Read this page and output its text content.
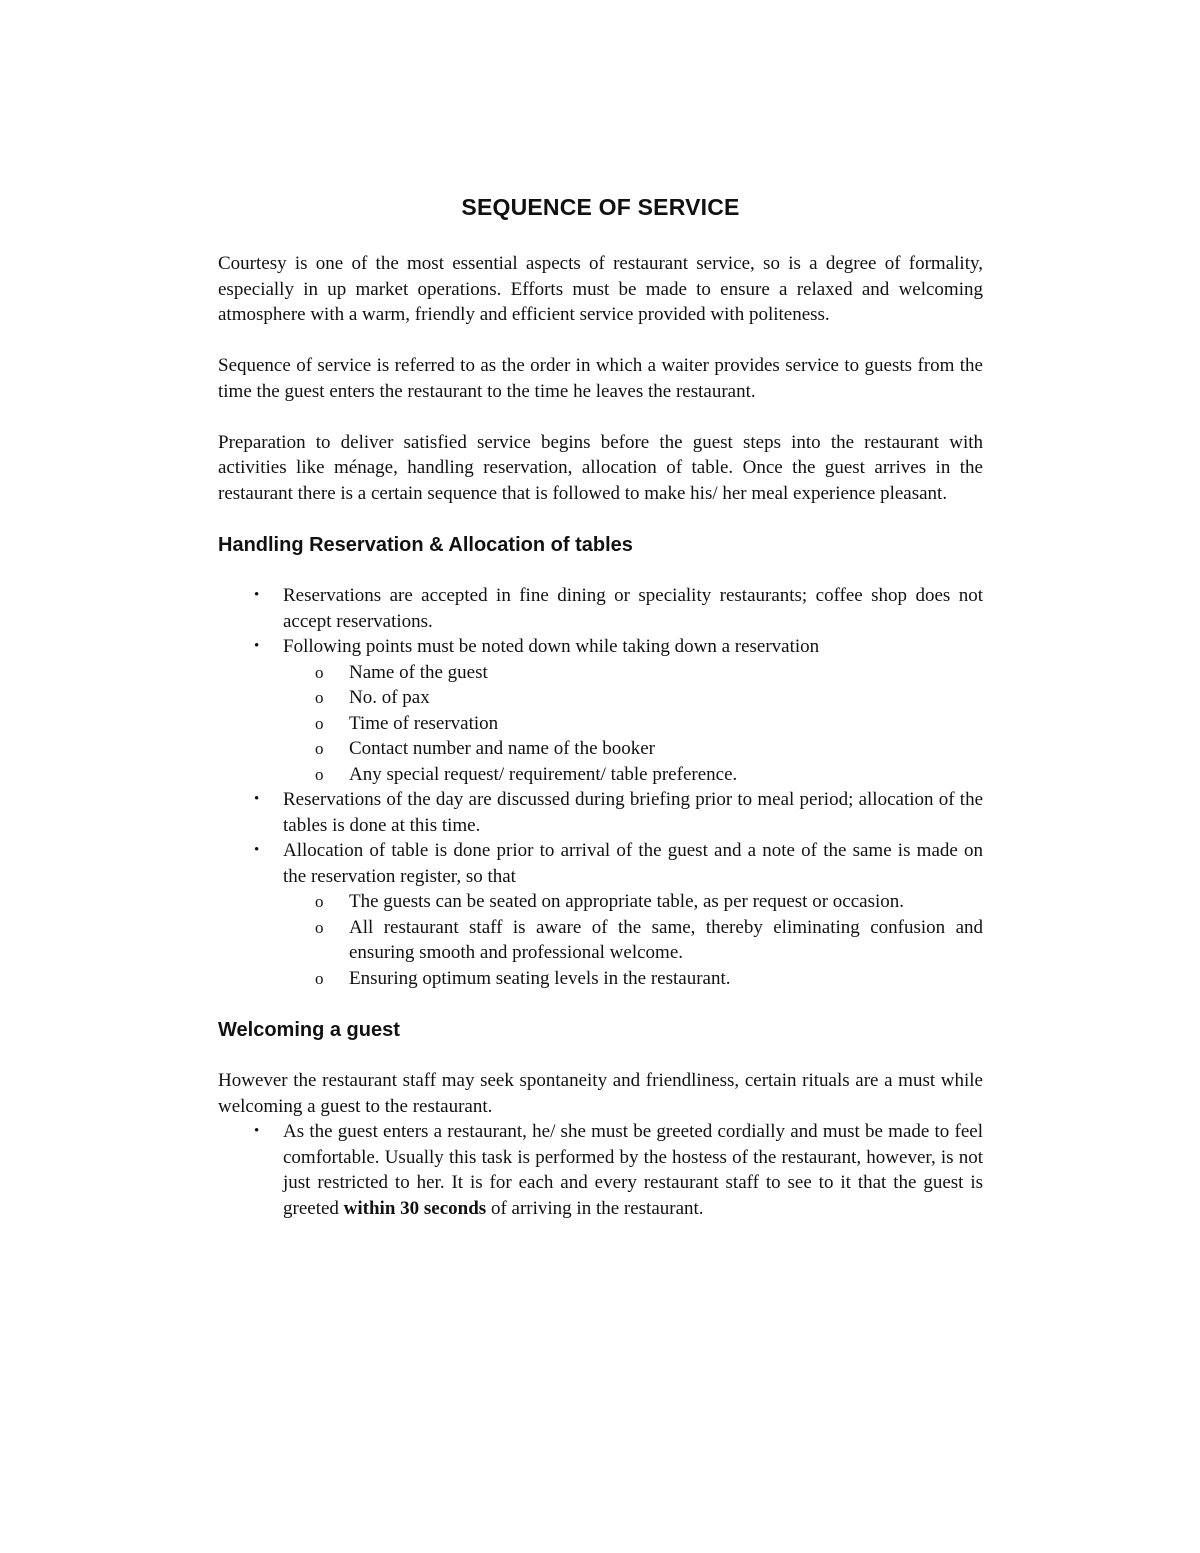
SEQUENCE OF SERVICE

Courtesy is one of the most essential aspects of restaurant service, so is a degree of formality, especially in up market operations. Efforts must be made to ensure a relaxed and welcoming atmosphere with a warm, friendly and efficient service provided with politeness.

Sequence of service is referred to as the order in which a waiter provides service to guests from the time the guest enters the restaurant to the time he leaves the restaurant.

Preparation to deliver satisfied service begins before the guest steps into the restaurant with activities like ménage, handling reservation, allocation of table. Once the guest arrives in the restaurant there is a certain sequence that is followed to make his/ her meal experience pleasant.

Handling Reservation & Allocation of tables
• Reservations are accepted in fine dining or speciality restaurants; coffee shop does not accept reservations.
• Following points must be noted down while taking down a reservation
o Name of the guest
o No. of pax
o Time of reservation
o Contact number and name of the booker
o Any special request/ requirement/ table preference.
• Reservations of the day are discussed during briefing prior to meal period; allocation of the tables is done at this time.
• Allocation of table is done prior to arrival of the guest and a note of the same is made on the reservation register, so that
o The guests can be seated on appropriate table, as per request or occasion.
o All restaurant staff is aware of the same, thereby eliminating confusion and ensuring smooth and professional welcome.
o Ensuring optimum seating levels in the restaurant.
Welcoming a guest

However the restaurant staff may seek spontaneity and friendliness, certain rituals are a must while welcoming a guest to the restaurant.

• As the guest enters a restaurant, he/ she must be greeted cordially and must be made to feel comfortable. Usually this task is performed by the hostess of the restaurant, however, is not just restricted to her. It is for each and every restaurant staff to see to it that the guest is greeted within 30 seconds of arriving in the restaurant.
